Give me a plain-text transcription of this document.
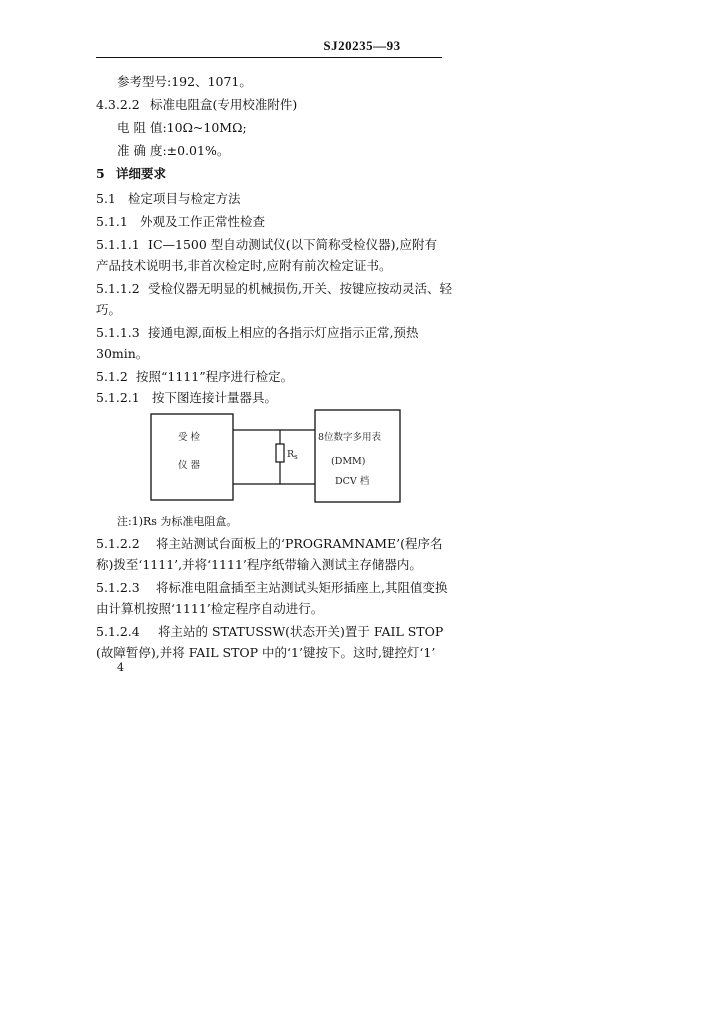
SJ20235—93
参考型号:192、1071。
4.3.2.2 标准电阻盒(专用校准附件)
电 阻 值:10Ω~10MΩ;
准 确 度:±0.01%。
5 详细要求
5.1 检定项目与检定方法
5.1.1 外观及工作正常性检查
5.1.1.1 IC—1500 型自动测试仪(以下简称受检仪器),应附有
产品技术说明书,非首次检定时,应附有前次检定证书。
5.1.1.2 受检仪器无明显的机械损伤,开关、按键应按动灵活、轻
巧。
5.1.1.3 接通电源,面板上相应的各指示灯应指示正常,预热
30min。
5.1.2 按照“1111”程序进行检定。
5.1.2.1 按下图连接计量器具。
$R_s$
受 检
仪 器
8位数字多用表
(DMM)
DCV 档
注:1)Rs 为标准电阻盒。
5.1.2.2 将主站测试台面板上的‘PROGRAMNAME’(程序名
称)拨至‘1111’,并将‘1111’程序纸带输入测试主存储器内。
5.1.2.3 将标准电阻盒插至主站测试头矩形插座上,其阻值变换
由计算机按照‘1111’检定程序自动进行。
5.1.2.4 将主站的 STATUSSW(状态开关)置于 FAIL STOP
(故障暂停),并将 FAIL STOP 中的‘1’键按下。这时,键控灯‘1’
4
